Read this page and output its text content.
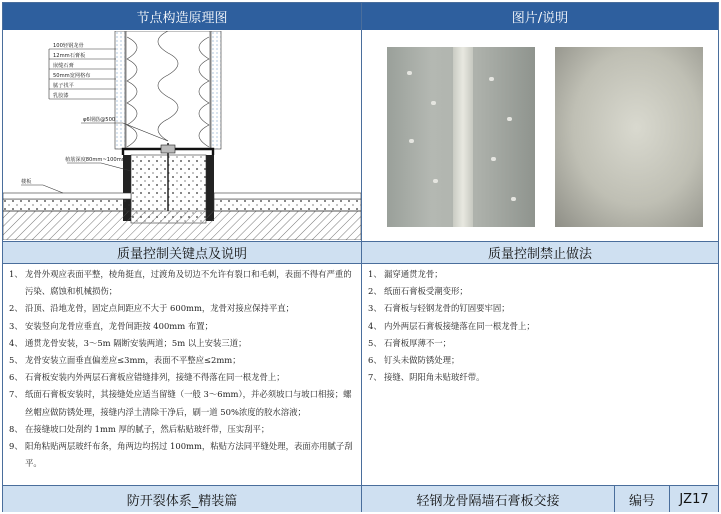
节点构造原理图	图片/说明
100轻钢龙骨
12mm石膏板
嵌缝石膏
50mm宽网格布
腻子找平
乳胶漆
φ6钢筋@500
植筋深度80mm~100mm
楼板
质量控制关键点及说明	质量控制禁止做法
1、 龙骨外观应表面平整，棱角挺直，过渡角及切边不允许有裂口和毛刺，表面不得有严重的污染、腐蚀和机械损伤；
2、 沿顶、沿地龙骨，固定点间距应不大于 600mm，龙骨对接应保持平直；
3、 安装竖向龙骨应垂直，龙骨间距按 400mm 布置；
4、 通贯龙骨安装，3～5m 隔断安装两道；5m 以上安装三道；
5、 龙骨安装立面垂直偏差应≤3mm，表面不平整应≤2mm；
6、 石膏板安装内外两层石膏板应错缝排列，接缝不得落在同一根龙骨上；
7、 纸面石膏板安装时，其接缝处应适当留缝（一般 3～6mm），并必须坡口与坡口相接；螺丝帽应做防锈处理，接缝内浮土清除干净后，刷一道 50%浓度的胶水溶液；
8、 在接缝坡口处刮约 1mm 厚的腻子，然后粘贴玻纤带，压实刮平；
9、 阳角粘贴两层玻纤布条，角两边均拐过 100mm，粘贴方法同平缝处理，表面亦用腻子刮平。
1、 漏穿通贯龙骨；
2、 纸面石膏板受潮变形；
3、 石膏板与轻钢龙骨的钉固要牢固；
4、 内外两层石膏板接缝落在同一根龙骨上；
5、 石膏板厚薄不一；
6、 钉头未做防锈处理；
7、 接缝、阴阳角未贴玻纤带。
防开裂体系_精装篇	轻钢龙骨隔墙石膏板交接	编号 JZ17
